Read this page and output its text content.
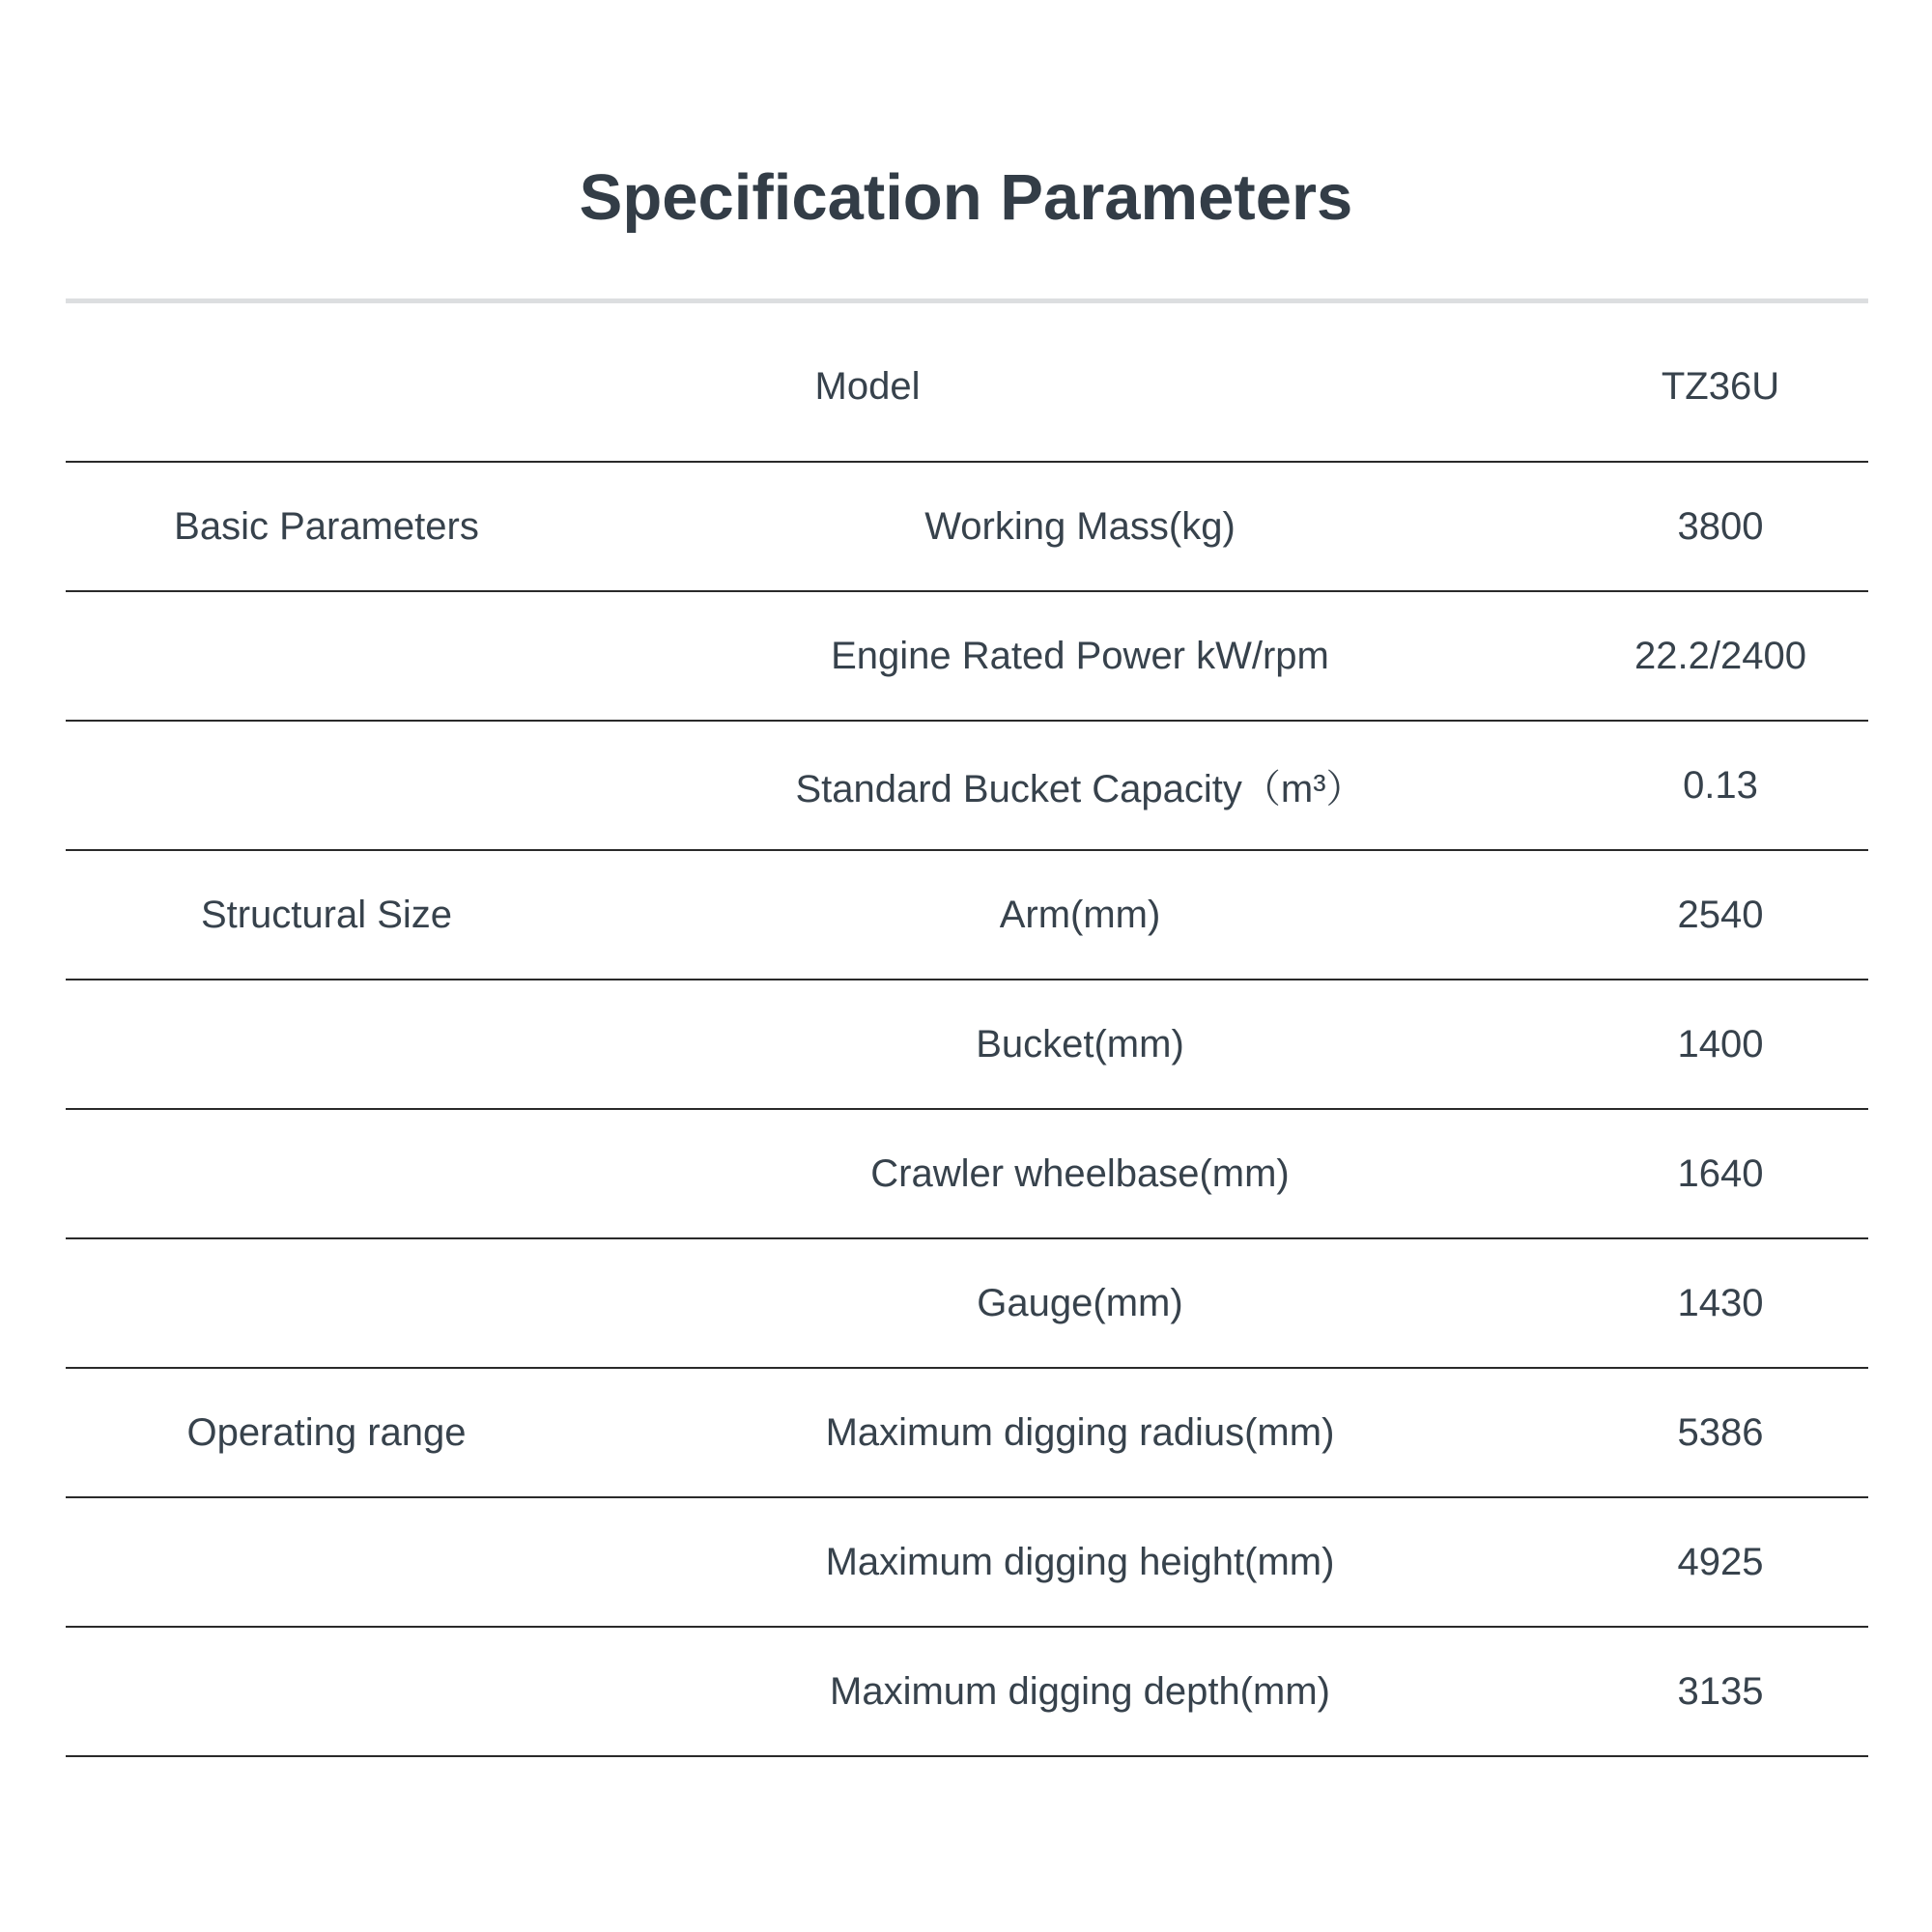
Specification Parameters
Model	TZ36U
Basic Parameters	Working Mass(kg)	3800
Engine Rated Power kW/rpm	22.2/2400
Standard Bucket Capacity（m³）	0.13
Structural Size	Arm(mm)	2540
Bucket(mm)	1400
Crawler wheelbase(mm)	1640
Gauge(mm)	1430
Operating range	Maximum digging radius(mm)	5386
Maximum digging height(mm)	4925
Maximum digging depth(mm)	3135
